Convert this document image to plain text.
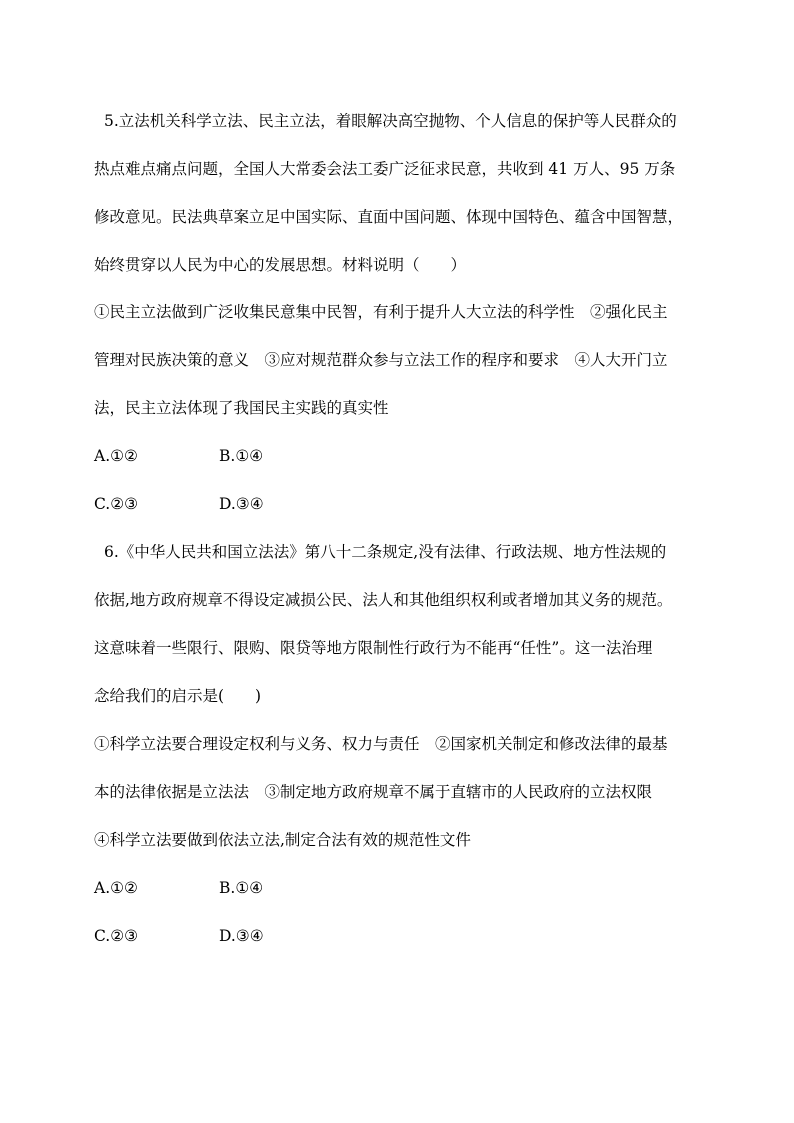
5.立法机关科学立法、民主立法，着眼解决高空抛物、个人信息的保护等人民群众的
热点难点痛点问题，全国人大常委会法工委广泛征求民意，共收到 41 万人、95 万条
修改意见。民法典草案立足中国实际、直面中国问题、体现中国特色、蕴含中国智慧，
始终贯穿以人民为中心的发展思想。材料说明（　　）
①民主立法做到广泛收集民意集中民智，有利于提升人大立法的科学性　②强化民主
管理对民族决策的意义　③应对规范群众参与立法工作的程序和要求　④人大开门立
法，民主立法体现了我国民主实践的真实性
A.①②	B.①④
C.②③	D.③④
6.《中华人民共和国立法法》第八十二条规定,没有法律、行政法规、地方性法规的
依据,地方政府规章不得设定减损公民、法人和其他组织权利或者增加其义务的规范。
这意味着一些限行、限购、限贷等地方限制性行政行为不能再“任性”。这一法治理
念给我们的启示是(　　)
①科学立法要合理设定权利与义务、权力与责任　②国家机关制定和修改法律的最基
本的法律依据是立法法　③制定地方政府规章不属于直辖市的人民政府的立法权限
④科学立法要做到依法立法,制定合法有效的规范性文件
A.①②	B.①④
C.②③	D.③④
